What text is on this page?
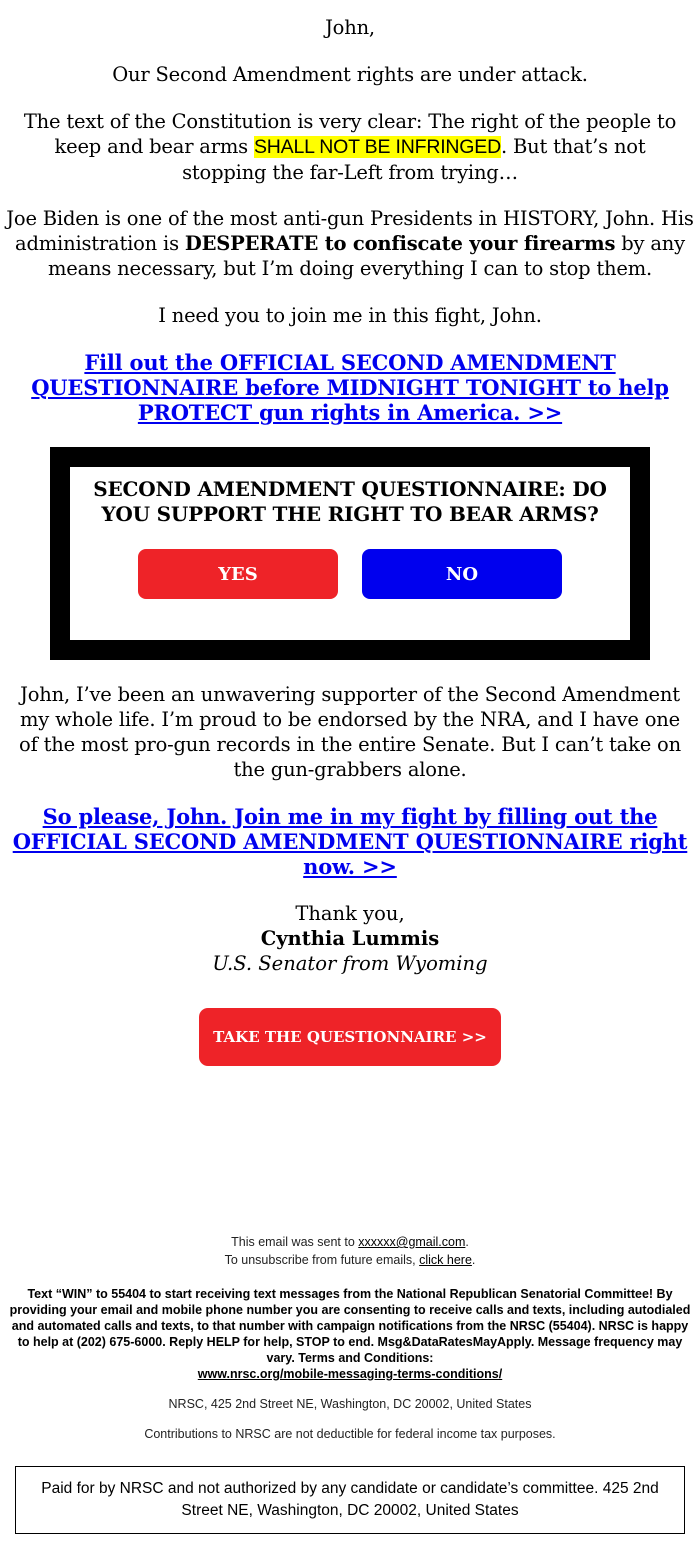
John,

Our Second Amendment rights are under attack.

The text of the Constitution is very clear: The right of the people to keep and bear arms SHALL NOT BE INFRINGED. But that’s not stopping the far-Left from trying…

Joe Biden is one of the most anti-gun Presidents in HISTORY, John. His administration is DESPERATE to confiscate your firearms by any means necessary, but I’m doing everything I can to stop them.

I need you to join me in this fight, John.

Fill out the OFFICIAL SECOND AMENDMENT QUESTIONNAIRE before MIDNIGHT TONIGHT to help PROTECT gun rights in America. >>
SECOND AMENDMENT QUESTIONNAIRE: DO YOU SUPPORT THE RIGHT TO BEAR ARMS?
YES	NO

John, I’ve been an unwavering supporter of the Second Amendment my whole life. I’m proud to be endorsed by the NRA, and I have one of the most pro-gun records in the entire Senate. But I can’t take on the gun-grabbers alone.

So please, John. Join me in my fight by filling out the OFFICIAL SECOND AMENDMENT QUESTIONNAIRE right now. >>
Thank you,
Cynthia Lummis
U.S. Senator from Wyoming
TAKE THE QUESTIONNAIRE >>
This email was sent to xxxxxx@gmail.com.
To unsubscribe from future emails, click here.
Text “WIN” to 55404 to start receiving text messages from the National Republican Senatorial Committee! By providing your email and mobile phone number you are consenting to receive calls and texts, including autodialed and automated calls and texts, to that number with campaign notifications from the NRSC (55404). NRSC is happy to help at (202) 675-6000. Reply HELP for help, STOP to end. Msg&DataRatesMayApply. Message frequency may vary. Terms and Conditions:
www.nrsc.org/mobile-messaging-terms-conditions/
NRSC, 425 2nd Street NE, Washington, DC 20002, United States
Contributions to NRSC are not deductible for federal income tax purposes.
Paid for by NRSC and not authorized by any candidate or candidate’s committee. 425 2nd Street NE, Washington, DC 20002, United States
